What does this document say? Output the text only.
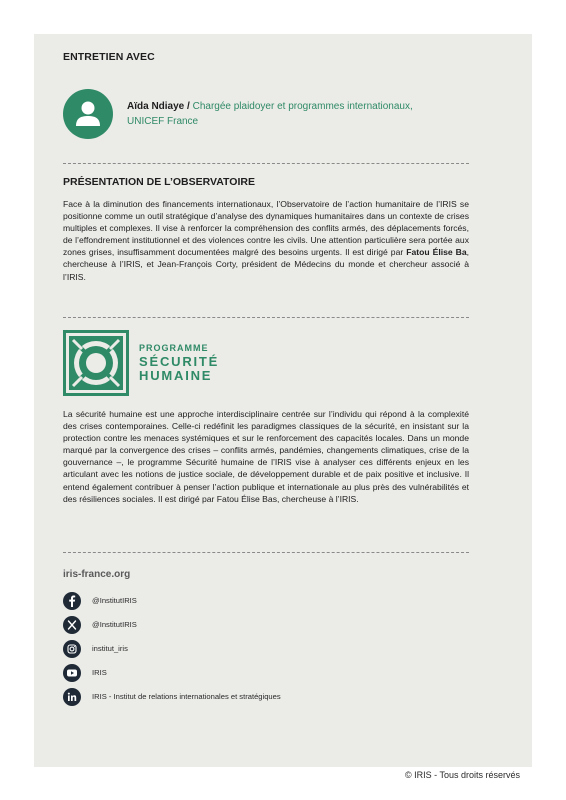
ENTRETIEN AVEC
Aïda Ndiaye / Chargée plaidoyer et programmes internationaux, UNICEF France
PRÉSENTATION DE L’OBSERVATOIRE
Face à la diminution des financements internationaux, l’Observatoire de l’action humanitaire de l’IRIS se positionne comme un outil stratégique d’analyse des dynamiques humanitaires dans un contexte de crises multiples et complexes. Il vise à renforcer la compréhension des conflits armés, des déplacements forcés, de l’effondrement institutionnel et des violences contre les civils. Une attention particulière sera portée aux zones grises, insuffisamment documentées malgré des besoins urgents. Il est dirigé par Fatou Élise Ba, chercheuse à l’IRIS, et Jean-François Corty, président de Médecins du monde et chercheur associé à l’IRIS.
PROGRAMME
SÉCURITÉ
HUMAINE
La sécurité humaine est une approche interdisciplinaire centrée sur l’individu qui répond à la complexité des crises contemporaines. Celle-ci redéfinit les paradigmes classiques de la sécurité, en insistant sur la protection contre les menaces systémiques et sur le renforcement des capacités locales. Dans un monde marqué par la convergence des crises – conflits armés, pandémies, changements climatiques, crise de la gouvernance –, le programme Sécurité humaine de l’IRIS vise à analyser ces différents enjeux en les articulant avec les notions de justice sociale, de développement durable et de paix positive et inclusive. Il entend également contribuer à penser l’action publique et internationale au plus près des vulnérabilités et des résiliences sociales. Il est dirigé par Fatou Élise Bas, chercheuse à l’IRIS.
iris-france.org
@InstitutIRIS
@InstitutIRIS
institut_iris
IRIS
IRIS - Institut de relations internationales et stratégiques
© IRIS - Tous droits réservés
